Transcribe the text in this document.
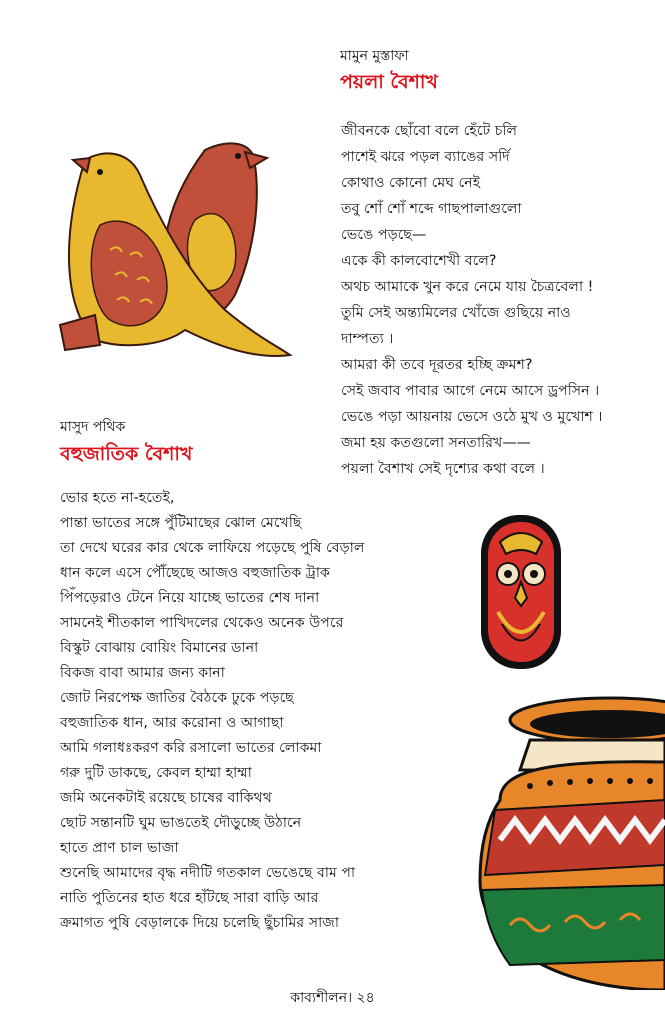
মামুন মুস্তাফা
পয়লা বৈশাখ
জীবনকে ছোঁবো বলে হেঁটে চলি
পাশেই ঝরে পড়ল ব্যাঙের সর্দি
কোথাও কোনো মেঘ নেই
তবু শোঁ শোঁ শব্দে গাছপালাগুলো
ভেঙে পড়ছে—
একে কী কালবোশেখী বলে?
অথচ আমাকে খুন করে নেমে যায় চৈত্রবেলা !
তুমি সেই অন্ত্যমিলের খোঁজে গুছিয়ে নাও
দাম্পত্য ।
আমরা কী তবে দূরতর হচ্ছি ক্রমশ?
সেই জবাব পাবার আগে নেমে আসে ড্রপসিন ।
ভেঙে পড়া আয়নায় ভেসে ওঠে মুখ ও মুখোশ ।
জমা হয় কতগুলো সনতারিখ——
পয়লা বৈশাখ সেই দৃশ্যের কথা বলে ।
মাসুদ পথিক
বহুজাতিক বৈশাখ
ভোর হতে না-হতেই,
পান্তা ভাতের সঙ্গে পুঁটিমাছের ঝোল মেখেছি
তা দেখে ঘরের কার থেকে লাফিয়ে পড়েছে পুষি বেড়াল
ধান কলে এসে পৌঁছেছে আজও বহুজাতিক ট্রাক
পিঁপড়েরাও টেনে নিয়ে যাচ্ছে ভাতের শেষ দানা
সামনেই শীতকাল পাখিদলের থেকেও অনেক উপরে
বিস্কুট বোঝায় বোয়িং বিমানের ডানা
বিকজ বাবা আমার জন্য কানা
জোট নিরপেক্ষ জাতির বৈঠকে ঢুকে পড়ছে
বহুজাতিক ধান, আর করোনা ও আগাছা
আমি গলাধঃকরণ করি রসালো ভাতের লোকমা
গরু দুটি ডাকছে, কেবল হাম্মা হাম্মা
জমি অনেকটাই রয়েছে চাষের বাকিথথ
ছোট সন্তানটি ঘুম ভাঙতেই দৌড়ুচ্ছে উঠানে
হাতে প্রাণ চাল ভাজা
শুনেছি আমাদের বৃদ্ধ নদীটি গতকাল ভেঙেছে বাম পা
নাতি পুতিনের হাত ধরে হাঁটছে সারা বাড়ি আর
ক্রমাগত পুষি বেড়ালকে দিয়ে চলেছি ছুঁচামির সাজা
কাব্যশীলন। ২৪
